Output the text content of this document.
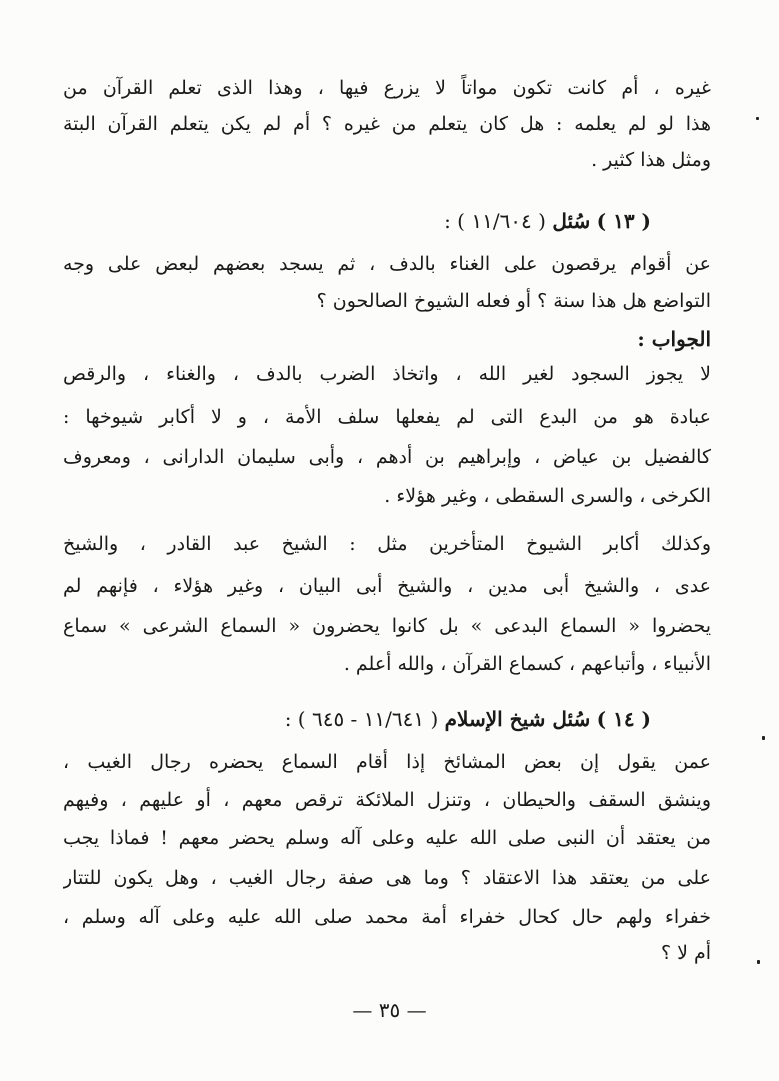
غيره ، أم كانت تكون مواتاً لا يزرع فيها ، وهذا الذى تعلم القرآن من
هذا لو لم يعلمه : هل كان يتعلم من غيره ؟ أم لم يكن يتعلم القرآن البتة
ومثل هذا كثير .
( ١٣ ) سُئل ( ١١/٦٠٤ ) :
عن أقوام يرقصون على الغناء بالدف ، ثم يسجد بعضهم لبعض على وجه
التواضع هل هذا سنة ؟ أو فعله الشيوخ الصالحون ؟
الجواب :
لا يجوز السجود لغير الله ، واتخاذ الضرب بالدف ، والغناء ، والرقص
عبادة هو من البدع التى لم يفعلها سلف الأمة ، و لا أكابر شيوخها :
كالفضيل بن عياض ، وإبراهيم بن أدهم ، وأبى سليمان الدارانى ، ومعروف
الكرخى ، والسرى السقطى ، وغير هؤلاء .
وكذلك أكابر الشيوخ المتأخرين مثل : الشيخ عبد القادر ، والشيخ
عدى ، والشيخ أبى مدين ، والشيخ أبى البيان ، وغير هؤلاء ، فإنهم لم
يحضروا « السماع البدعى » بل كانوا يحضرون « السماع الشرعى » سماع
الأنبياء ، وأتباعهم ، كسماع القرآن ، والله أعلم .
( ١٤ ) سُئل شيخ الإسلام ( ١١/٦٤١ - ٦٤٥ ) :
عمن يقول إن بعض المشائخ إذا أقام السماع يحضره رجال الغيب ،
وينشق السقف والحيطان ، وتنزل الملائكة ترقص معهم ، أو عليهم ، وفيهم
من يعتقد أن النبى صلى الله عليه وعلى آله وسلم يحضر معهم ! فماذا يجب
على من يعتقد هذا الاعتقاد ؟ وما هى صفة رجال الغيب ، وهل يكون للتتار
خفراء ولهم حال كحال خفراء أمة محمد صلى الله عليه وعلى آله وسلم ،
أم لا ؟
— ٣٥ —
